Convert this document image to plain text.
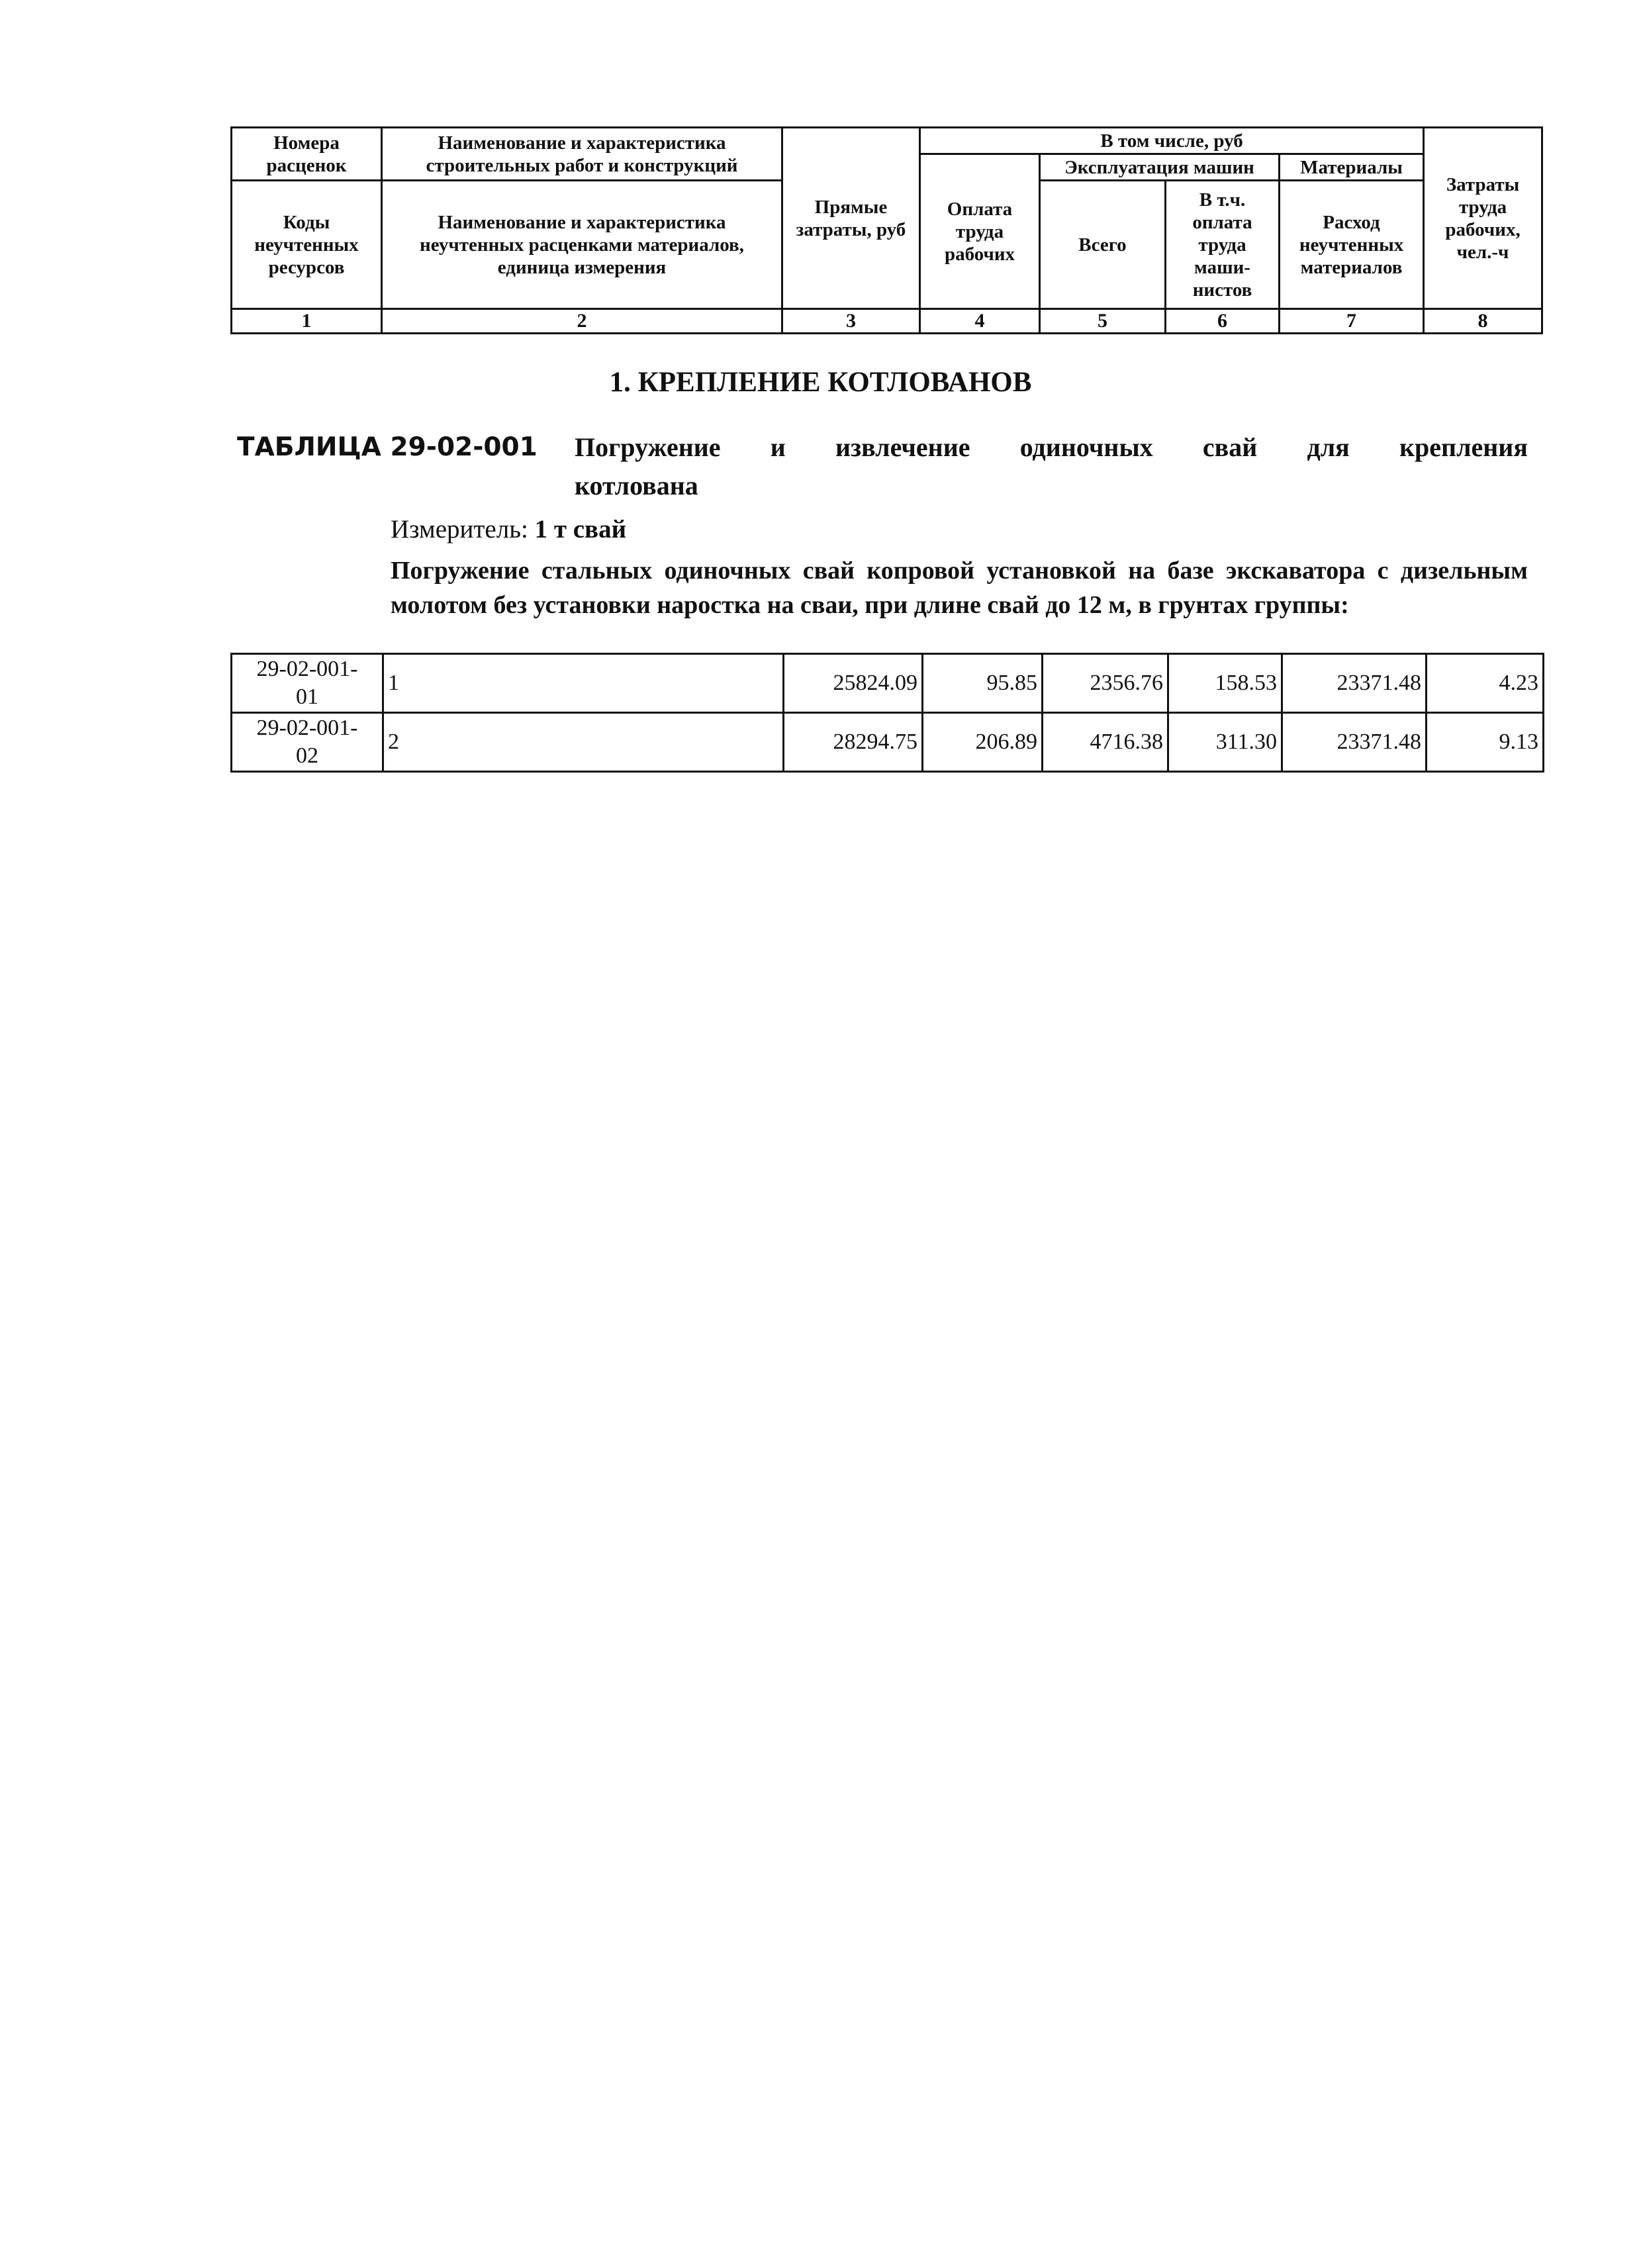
Номера расценок	Наименование и характеристика строительных работ и конструкций	Прямые затраты, руб	В том числе, руб				Затраты труда рабочих, чел.-ч
			Оплата труда рабочих	Эксплуатация машин		Материалы	
Коды неучтенных ресурсов	Наименование и характеристика неучтенных расценками материалов, единица измерения			Всего	В т.ч. оплата труда маши-нистов	Расход неучтенных материалов	

1	2	3	4	5	6	7	8
1. КРЕПЛЕНИЕ КОТЛОВАНОВ
ТАБЛИЦА 29-02-001 Погружение и извлечение одиночных свай для крепления
котлована
Измеритель: 1 т свай
Погружение стальных одиночных свай копровой установкой на базе экскаватора с дизельным молотом без установки наростка на сваи, при длине свай до 12 м, в грунтах группы:
29-02-001-
01	1	25824.09	95.85	2356.76	158.53	23371.48	4.23
29-02-001-
02	2	28294.75	206.89	4716.38	311.30	23371.48	9.13
